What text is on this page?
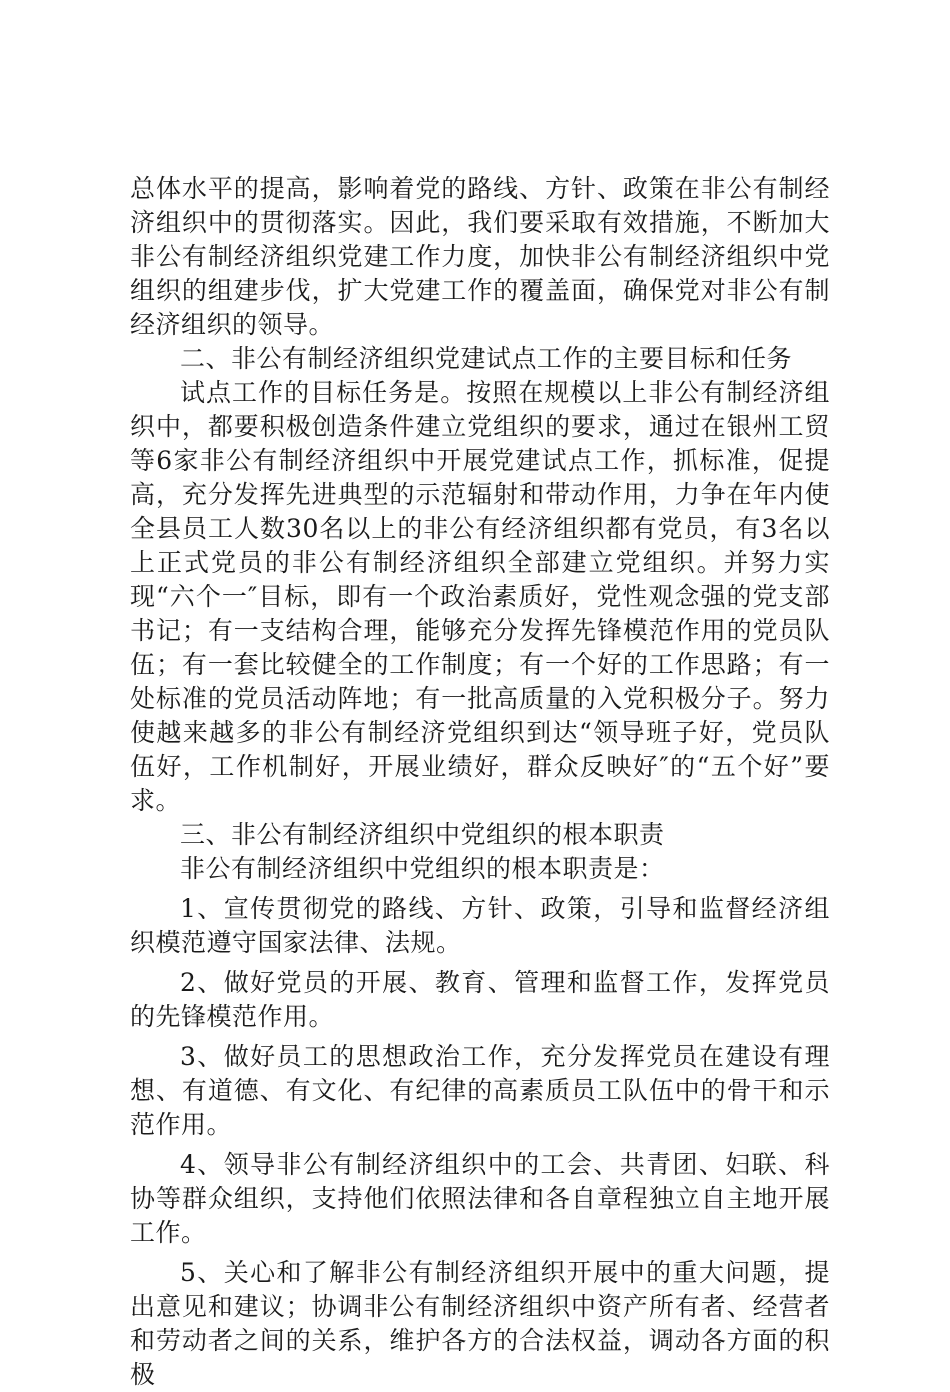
总体水平的提高，影响着党的路线、方针、政策在非公有制经济组织中的贯彻落实。因此，我们要采取有效措施，不断加大非公有制经济组织党建工作力度，加快非公有制经济组织中党组织的组建步伐，扩大党建工作的覆盖面，确保党对非公有制经济组织的领导。

二、非公有制经济组织党建试点工作的主要目标和任务

试点工作的目标任务是。按照在规模以上非公有制经济组织中，都要积极创造条件建立党组织的要求，通过在银州工贸等6家非公有制经济组织中开展党建试点工作，抓标准，促提高，充分发挥先进典型的示范辐射和带动作用，力争在年内使全县员工人数30名以上的非公有经济组织都有党员，有3名以上正式党员的非公有制经济组织全部建立党组织。并努力实现“六个一″目标，即有一个政治素质好，党性观念强的党支部书记；有一支结构合理，能够充分发挥先锋模范作用的党员队伍；有一套比较健全的工作制度；有一个好的工作思路；有一处标准的党员活动阵地；有一批高质量的入党积极分子。努力使越来越多的非公有制经济党组织到达“领导班子好，党员队伍好，工作机制好，开展业绩好，群众反映好″的“五个好”要求。

三、非公有制经济组织中党组织的根本职责

非公有制经济组织中党组织的根本职责是：

1、宣传贯彻党的路线、方针、政策，引导和监督经济组织模范遵守国家法律、法规。

2、做好党员的开展、教育、管理和监督工作，发挥党员的先锋模范作用。

3、做好员工的思想政治工作，充分发挥党员在建设有理想、有道德、有文化、有纪律的高素质员工队伍中的骨干和示范作用。

4、领导非公有制经济组织中的工会、共青团、妇联、科协等群众组织，支持他们依照法律和各自章程独立自主地开展工作。

5、关心和了解非公有制经济组织开展中的重大问题，提出意见和建议；协调非公有制经济组织中资产所有者、经营者和劳动者之间的关系，维护各方的合法权益，调动各方面的积极
